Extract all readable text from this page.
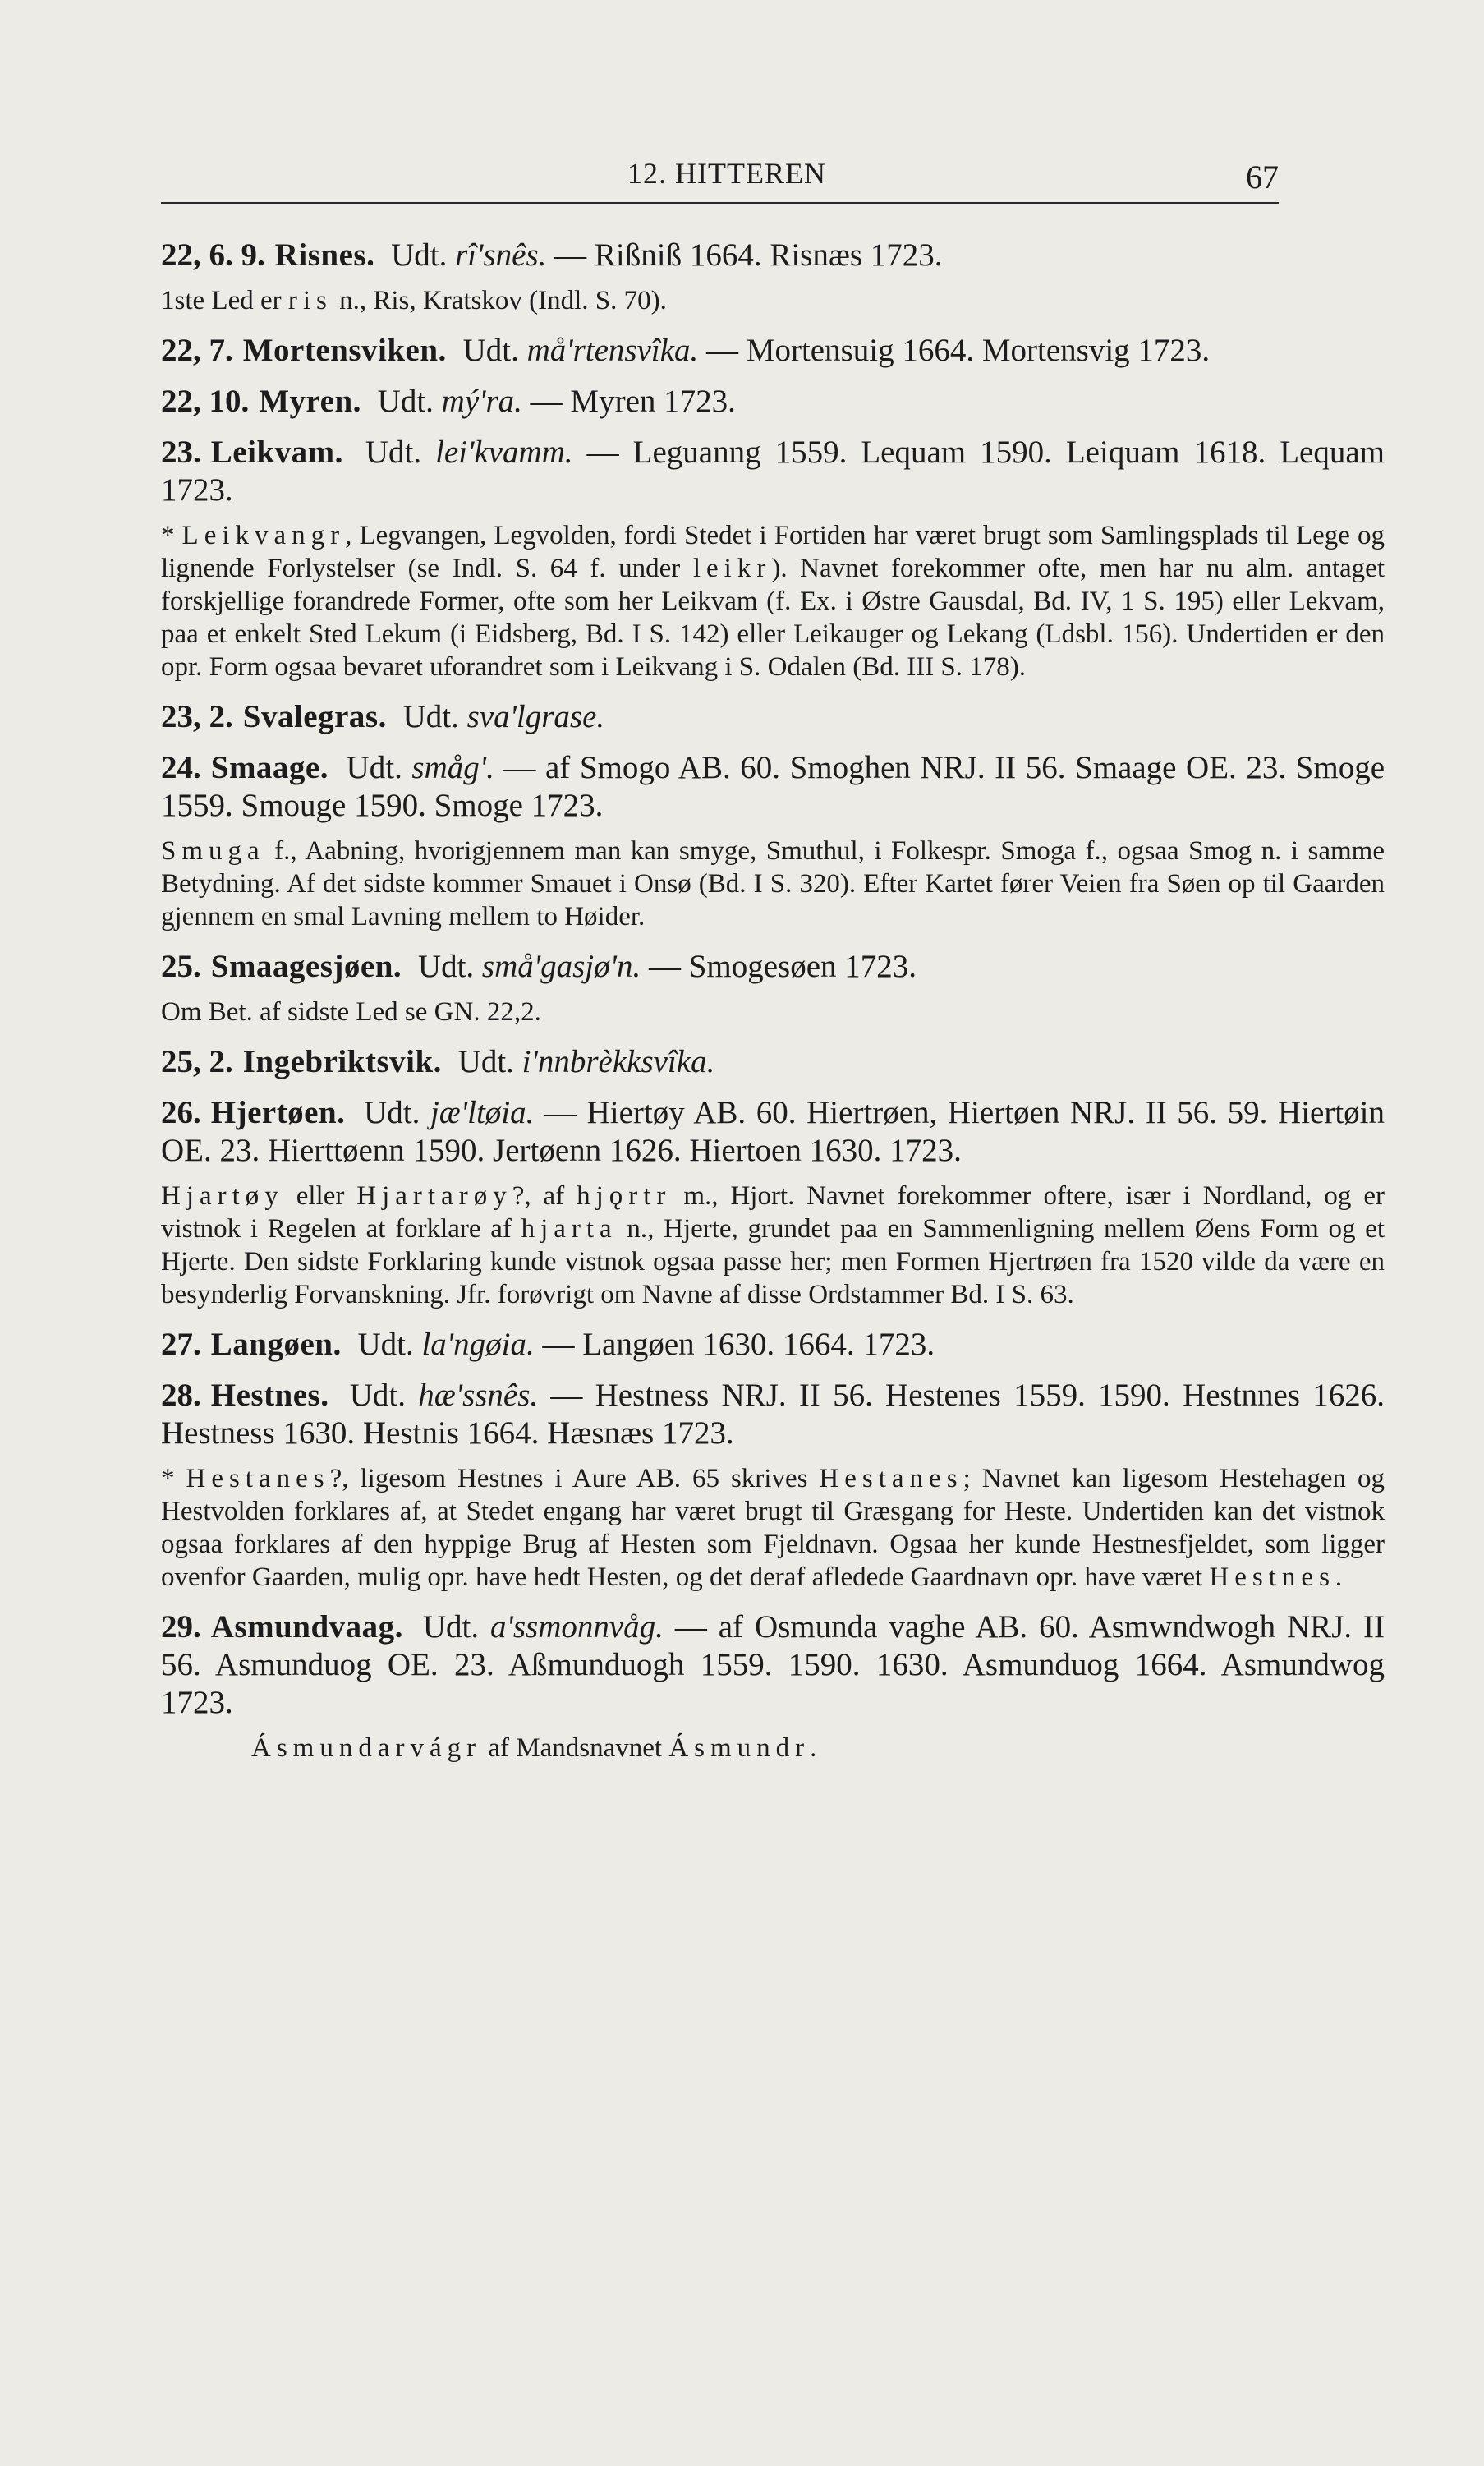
12. HITTEREN	67

22, 6. 9. Risnes. Udt. rî'snês. — Rißniß 1664. Risnæs 1723.

1ste Led er ris n., Ris, Kratskov (Indl. S. 70).

22, 7. Mortensviken. Udt. må'rtensvîka. — Mortensuig 1664. Mortensvig 1723.

22, 10. Myren. Udt. mý'ra. — Myren 1723.

23. Leikvam. Udt. lei'kvamm. — Leguanng 1559. Lequam 1590. Leiquam 1618. Lequam 1723.

* Leikvangr, Legvangen, Legvolden, fordi Stedet i Fortiden har været brugt som Samlingsplads til Lege og lignende Forlystelser (se Indl. S. 64 f. under leikr). Navnet forekommer ofte, men har nu alm. antaget forskjellige forandrede Former, ofte som her Leikvam (f. Ex. i Østre Gausdal, Bd. IV, 1 S. 195) eller Lekvam, paa et enkelt Sted Lekum (i Eidsberg, Bd. I S. 142) eller Leikauger og Lekang (Ldsbl. 156). Undertiden er den opr. Form ogsaa bevaret uforandret som i Leikvang i S. Odalen (Bd. III S. 178).

23, 2. Svalegras. Udt. sva'lgrase.

24. Smaage. Udt. småg'. — af Smogo AB. 60. Smoghen NRJ. II 56. Smaage OE. 23. Smoge 1559. Smouge 1590. Smoge 1723.

Smuga f., Aabning, hvorigjennem man kan smyge, Smuthul, i Folkespr. Smoga f., ogsaa Smog n. i samme Betydning. Af det sidste kommer Smauet i Onsø (Bd. I S. 320). Efter Kartet fører Veien fra Søen op til Gaarden gjennem en smal Lavning mellem to Høider.

25. Smaagesjøen. Udt. små'gasjø'n. — Smogesøen 1723.

Om Bet. af sidste Led se GN. 22,2.

25, 2. Ingebriktsvik. Udt. i'nnbrèkksvîka.

26. Hjertøen. Udt. jæ'ltøia. — Hiertøy AB. 60. Hiertrøen, Hiertøen NRJ. II 56. 59. Hiertøin OE. 23. Hierttøenn 1590. Jertøenn 1626. Hiertoen 1630. 1723.

Hjartøy eller Hjartarøy?, af hjǫrtr m., Hjort. Navnet forekommer oftere, især i Nordland, og er vistnok i Regelen at forklare af hjarta n., Hjerte, grundet paa en Sammenligning mellem Øens Form og et Hjerte. Den sidste Forklaring kunde vistnok ogsaa passe her; men Formen Hjertrøen fra 1520 vilde da være en besynderlig Forvanskning. Jfr. forøvrigt om Navne af disse Ordstammer Bd. I S. 63.

27. Langøen. Udt. la'ngøia. — Langøen 1630. 1664. 1723.

28. Hestnes. Udt. hæ'ssnês. — Hestness NRJ. II 56. Hestenes 1559. 1590. Hestnnes 1626. Hestness 1630. Hestnis 1664. Hæsnæs 1723.

* Hestanes?, ligesom Hestnes i Aure AB. 65 skrives Hestanes; Navnet kan ligesom Hestehagen og Hestvolden forklares af, at Stedet engang har været brugt til Græsgang for Heste. Undertiden kan det vistnok ogsaa forklares af den hyppige Brug af Hesten som Fjeldnavn. Ogsaa her kunde Hestnesfjeldet, som ligger ovenfor Gaarden, mulig opr. have hedt Hesten, og det deraf afledede Gaardnavn opr. have været Hestnes.

29. Asmundvaag. Udt. a'ssmonnvåg. — af Osmunda vaghe AB. 60. Asmwndwogh NRJ. II 56. Asmunduog OE. 23. Aßmunduogh 1559. 1590. 1630. Asmunduog 1664. Asmundwog 1723.

Ásmundarvágr af Mandsnavnet Ásmundr.
